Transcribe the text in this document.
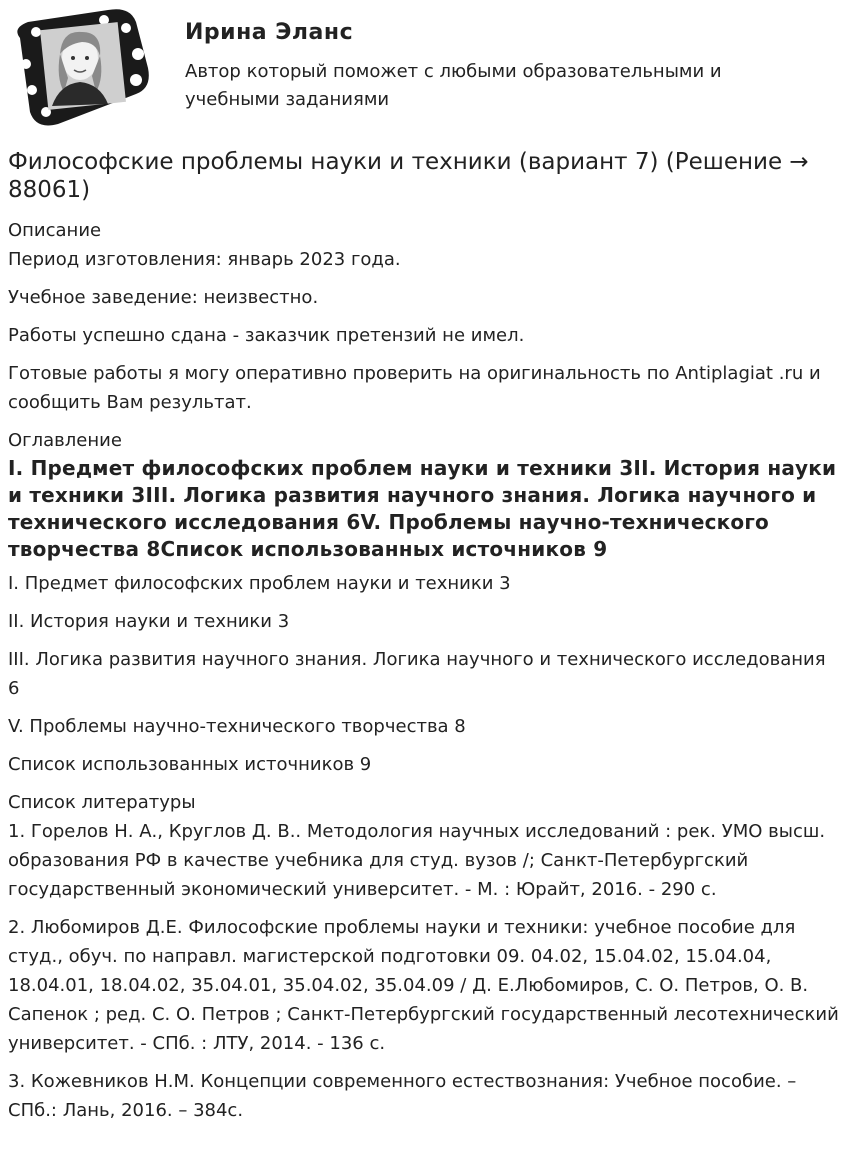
Ирина Эланс
Автор который поможет с любыми образовательными и учебными заданиями
Философские проблемы науки и техники (вариант 7) (Решение → 88061)
Описание

Период изготовления: январь 2023 года.

Учебное заведение: неизвестно.

Работы успешно сдана - заказчик претензий не имел.

Готовые работы я могу оперативно проверить на оригинальность по Antiplagiat .ru и сообщить Вам результат.

Оглавление

I. Предмет философских проблем науки и техники 3II. История науки и техники 3III. Логика развития научного знания. Логика научного и технического исследования 6V. Проблемы научно-технического творчества 8Список использованных источников 9

I. Предмет философских проблем науки и техники 3

II. История науки и техники 3

III. Логика развития научного знания. Логика научного и технического исследования 6

V. Проблемы научно-технического творчества 8

Список использованных источников 9

Список литературы

1. Горелов Н. А., Круглов Д. В.. Методология научных исследований : рек. УМО высш. образования РФ в качестве учебника для студ. вузов /; Санкт-Петербургский государственный экономический университет. - М. : Юрайт, 2016. - 290 с.

2. Любомиров Д.Е. Философские проблемы науки и техники: учебное пособие для студ., обуч. по направл. магистерской подготовки 09. 04.02, 15.04.02, 15.04.04, 18.04.01, 18.04.02, 35.04.01, 35.04.02, 35.04.09 / Д. Е.Любомиров, С. О. Петров, О. В. Сапенок ; ред. С. О. Петров ; Санкт-Петербургский государственный лесотехнический университет. - СПб. : ЛТУ, 2014. - 136 с.

3. Кожевников Н.М. Концепции современного естествознания: Учебное пособие. – СПб.: Лань, 2016. – 384с.
